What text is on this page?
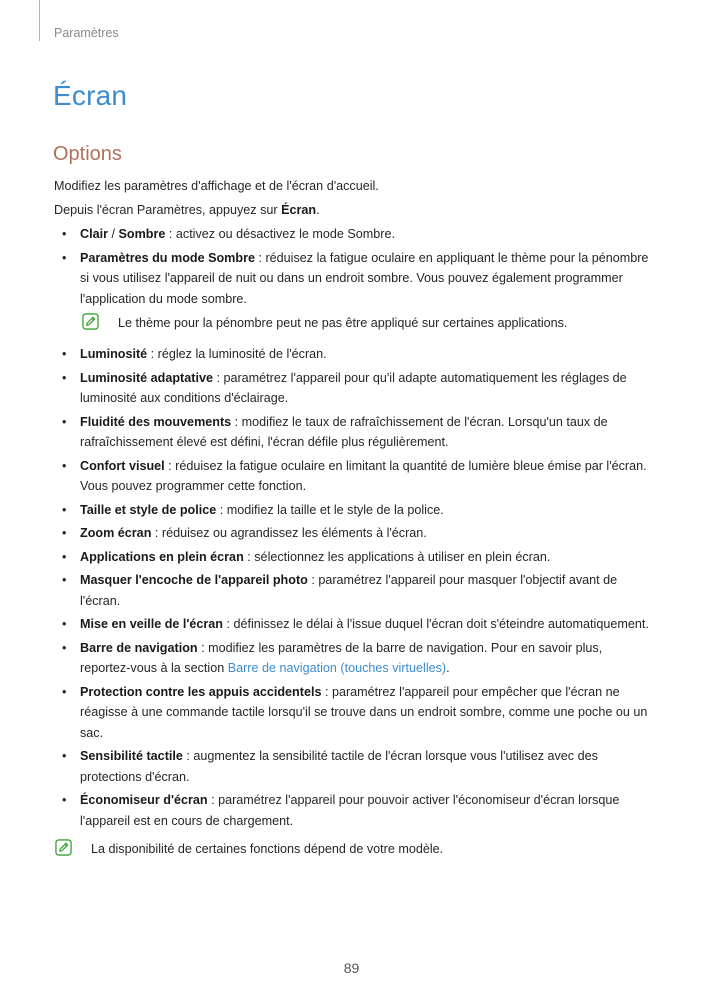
Paramètres
Écran
Options

Modifiez les paramètres d'affichage et de l'écran d'accueil.

Depuis l'écran Paramètres, appuyez sur Écran.

• Clair / Sombre : activez ou désactivez le mode Sombre.
• Paramètres du mode Sombre : réduisez la fatigue oculaire en appliquant le thème pour la pénombre si vous utilisez l'appareil de nuit ou dans un endroit sombre. Vous pouvez également programmer l'application du mode sombre.
Le thème pour la pénombre peut ne pas être appliqué sur certaines applications.
• Luminosité : réglez la luminosité de l'écran.
• Luminosité adaptative : paramétrez l'appareil pour qu'il adapte automatiquement les réglages de luminosité aux conditions d'éclairage.
• Fluidité des mouvements : modifiez le taux de rafraîchissement de l'écran. Lorsqu'un taux de rafraîchissement élevé est défini, l'écran défile plus régulièrement.
• Confort visuel : réduisez la fatigue oculaire en limitant la quantité de lumière bleue émise par l'écran. Vous pouvez programmer cette fonction.
• Taille et style de police : modifiez la taille et le style de la police.
• Zoom écran : réduisez ou agrandissez les éléments à l'écran.
• Applications en plein écran : sélectionnez les applications à utiliser en plein écran.
• Masquer l'encoche de l'appareil photo : paramétrez l'appareil pour masquer l'objectif avant de l'écran.
• Mise en veille de l'écran : définissez le délai à l'issue duquel l'écran doit s'éteindre automatiquement.
• Barre de navigation : modifiez les paramètres de la barre de navigation. Pour en savoir plus, reportez-vous à la section Barre de navigation (touches virtuelles).
• Protection contre les appuis accidentels : paramétrez l'appareil pour empêcher que l'écran ne réagisse à une commande tactile lorsqu'il se trouve dans un endroit sombre, comme une poche ou un sac.
• Sensibilité tactile : augmentez la sensibilité tactile de l'écran lorsque vous l'utilisez avec des protections d'écran.
• Économiseur d'écran : paramétrez l'appareil pour pouvoir activer l'économiseur d'écran lorsque l'appareil est en cours de chargement.
La disponibilité de certaines fonctions dépend de votre modèle.
89
